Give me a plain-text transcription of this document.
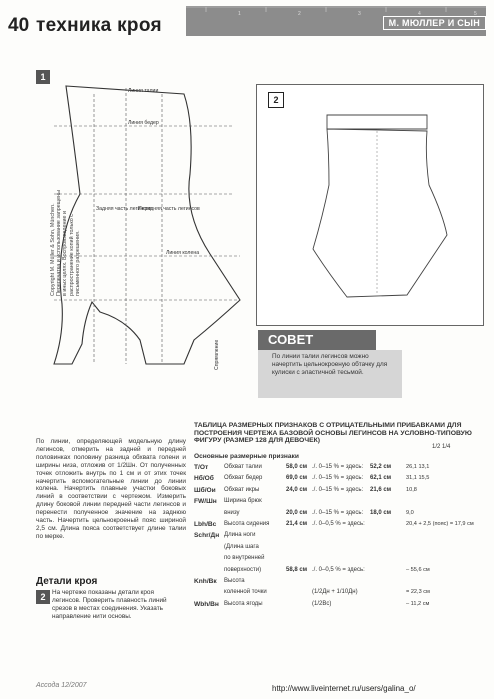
40 техника кроя
1	2	3	4	5
М. МЮЛЛЕР И СЫН
1
Задняя часть легинсов
Передняя часть легинсов
Линия бедер
Линия талии
Линия колена
Спрямление
Copyright M. Müller & Sohn, München. Перепечатка и использование запрещены в иных целях. Воспроизведение и распространение копий только с письменного разрешения.
2
СОВЕТ
По линии талии легинсов можно начертить цельнокроеную обтачку для кулиски с эластичной тесьмой.
По линии, определяющей модельную длину легинсов, отмерить на задней и передней половинках половину разница обхвата голени и ширины низа, отложив от 1/2Шн. От полученных точек отложить внутрь по 1 см и от этих точек начертить вспомогательные линии до линии колена. Начертить плавные участки боковых линий в соответствии с чертежом. Измерить длину боковой линии передней части легинсов и перенести полученное значение на заднюю часть. Начертить цельнокроеный пояс шириной 2,5 см. Длина пояса соответствует длине талии по мерке.
Детали кроя
2	На чертеже показаны детали кроя легинсов. Проверить плавность линий срезов в местах соединения. Указать направление нити основы.
ТАБЛИЦА РАЗМЕРНЫХ ПРИЗНАКОВ С ОТРИЦАТЕЛЬНЫМИ ПРИБАВКАМИ ДЛЯ ПОСТРОЕНИЯ ЧЕРТЕЖА БАЗОВОЙ ОСНОВЫ ЛЕГИНСОВ НА УСЛОВНО-ТИПОВУЮ ФИГУРУ (РАЗМЕР 128 ДЛЯ ДЕВОЧЕК)
Основные размерные признаки
1/2 1/4
Т/От	Обхват талии	58,0 см	./. 0–15 % = здесь:	52,2 см	26,1 13,1
Нб/Об	Обхват бедер	69,0 см	./. 0–15 % = здесь:	62,1 см	31,1 15,5
Шб/Ои	Обхват икры	24,0 см	./. 0–15 % = здесь:	21,6 см	10,8
FW/Шн	Ширина брюк				
	внизу	20,0 см	./. 0–15 % = здесь:	18,0 см	9,0
Lbh/Вс	Высота сидения	21,4 см	./. 0–0,5 % = здесь:		20,4 + 2,5 (пояс) = 17,9 см
Schr/Дн	Длина ноги				
	(Длина шага				
	по внутренней				
	поверхности)	58,8 см	./. 0–0,5 % = здесь:		– 55,6 см
Knh/Вк	Высота				
	коленной точки		(1/2Дн + 1/10Дн)		= 22,3 см
Wbh/Вн	Высота ягоды		(1/2Вс)		– 11,2 см
Ассода 12/2007	http://www.liveinternet.ru/users/galina_o/
